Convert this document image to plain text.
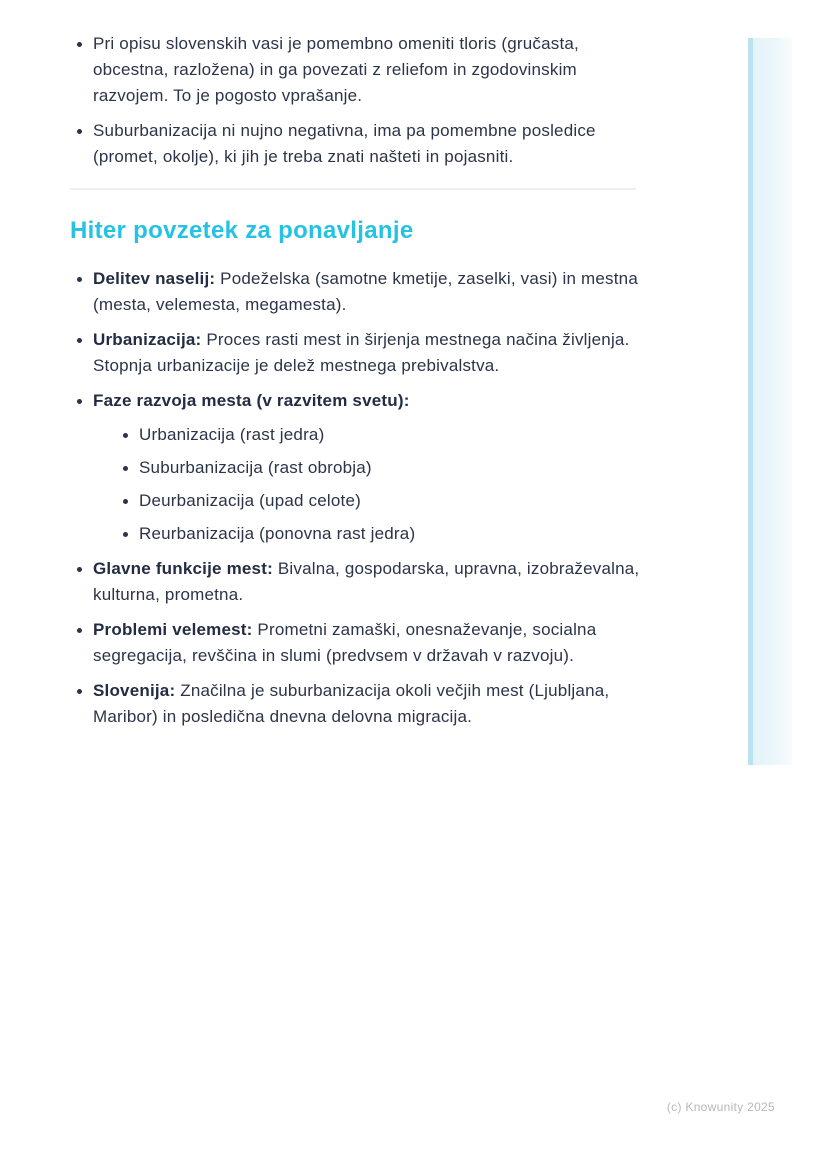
Pri opisu slovenskih vasi je pomembno omeniti tloris (gručasta, obcestna, razložena) in ga povezati z reliefom in zgodovinskim razvojem. To je pogosto vprašanje.
Suburbanizacija ni nujno negativna, ima pa pomembne posledice (promet, okolje), ki jih je treba znati našteti in pojasniti.
Hiter povzetek za ponavljanje
Delitev naselij: Podeželska (samotne kmetije, zaselki, vasi) in mestna (mesta, velemesta, megamesta).
Urbanizacija: Proces rasti mest in širjenja mestnega načina življenja. Stopnja urbanizacije je delež mestnega prebivalstva.
Faze razvoja mesta (v razvitem svetu):
Urbanizacija (rast jedra)
Suburbanizacija (rast obrobja)
Deurbanizacija (upad celote)
Reurbanizacija (ponovna rast jedra)
Glavne funkcije mest: Bivalna, gospodarska, upravna, izobraževalna, kulturna, prometna.
Problemi velemest: Prometni zamaški, onesnaževanje, socialna segregacija, revščina in slumi (predvsem v državah v razvoju).
Slovenija: Značilna je suburbanizacija okoli večjih mest (Ljubljana, Maribor) in posledična dnevna delovna migracija.
(c) Knowunity 2025
